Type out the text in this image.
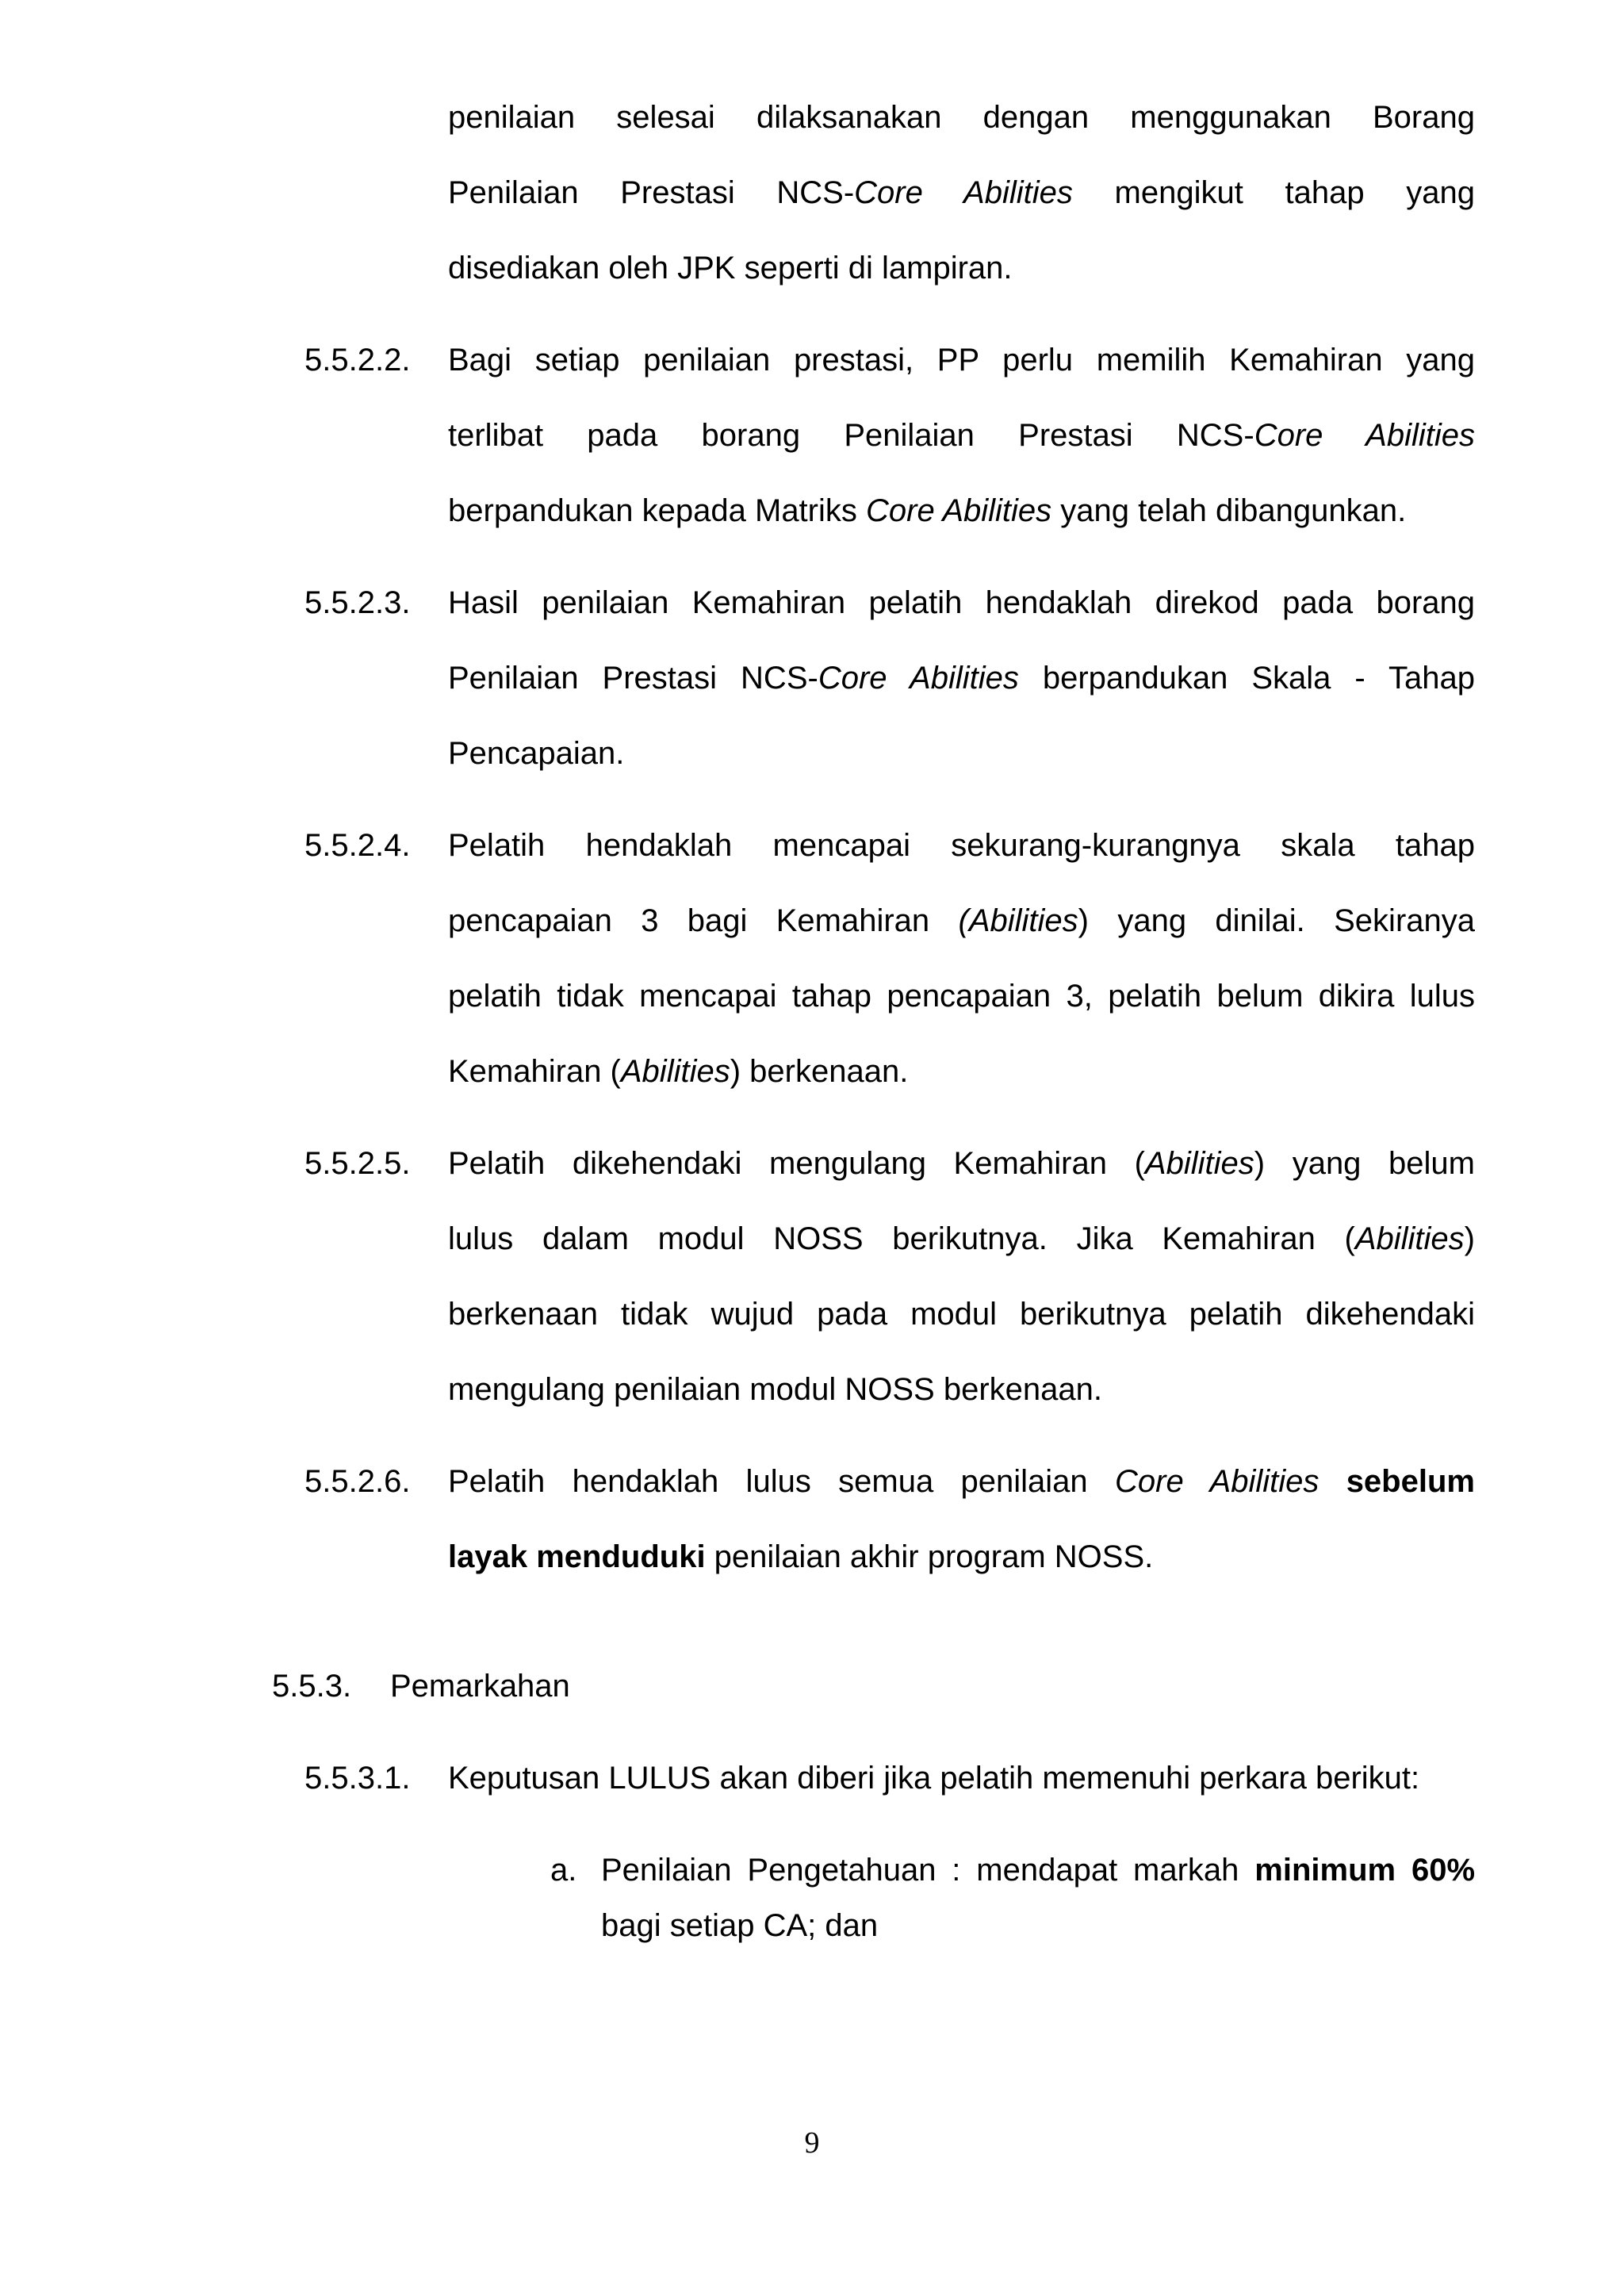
penilaian selesai dilaksanakan dengan menggunakan Borang
Penilaian Prestasi NCS-Core Abilities mengikut tahap yang
disediakan oleh JPK seperti di lampiran.
5.5.2.2. Bagi setiap penilaian prestasi, PP perlu memilih Kemahiran yang
terlibat pada borang Penilaian Prestasi NCS-Core Abilities
berpandukan kepada Matriks Core Abilities yang telah dibangunkan.
5.5.2.3. Hasil penilaian Kemahiran pelatih hendaklah direkod pada borang
Penilaian Prestasi NCS-Core Abilities berpandukan Skala - Tahap
Pencapaian.
5.5.2.4. Pelatih hendaklah mencapai sekurang-kurangnya skala tahap
pencapaian 3 bagi Kemahiran (Abilities) yang dinilai. Sekiranya
pelatih tidak mencapai tahap pencapaian 3, pelatih belum dikira lulus
Kemahiran (Abilities) berkenaan.
5.5.2.5. Pelatih dikehendaki mengulang Kemahiran (Abilities) yang belum
lulus dalam modul NOSS berikutnya. Jika Kemahiran (Abilities)
berkenaan tidak wujud pada modul berikutnya pelatih dikehendaki
mengulang penilaian modul NOSS berkenaan.
5.5.2.6. Pelatih hendaklah lulus semua penilaian Core Abilities sebelum
layak menduduki penilaian akhir program NOSS.
5.5.3. Pemarkahan
5.5.3.1. Keputusan LULUS akan diberi jika pelatih memenuhi perkara berikut:
a. Penilaian Pengetahuan : mendapat markah minimum 60%
bagi setiap CA; dan
9
